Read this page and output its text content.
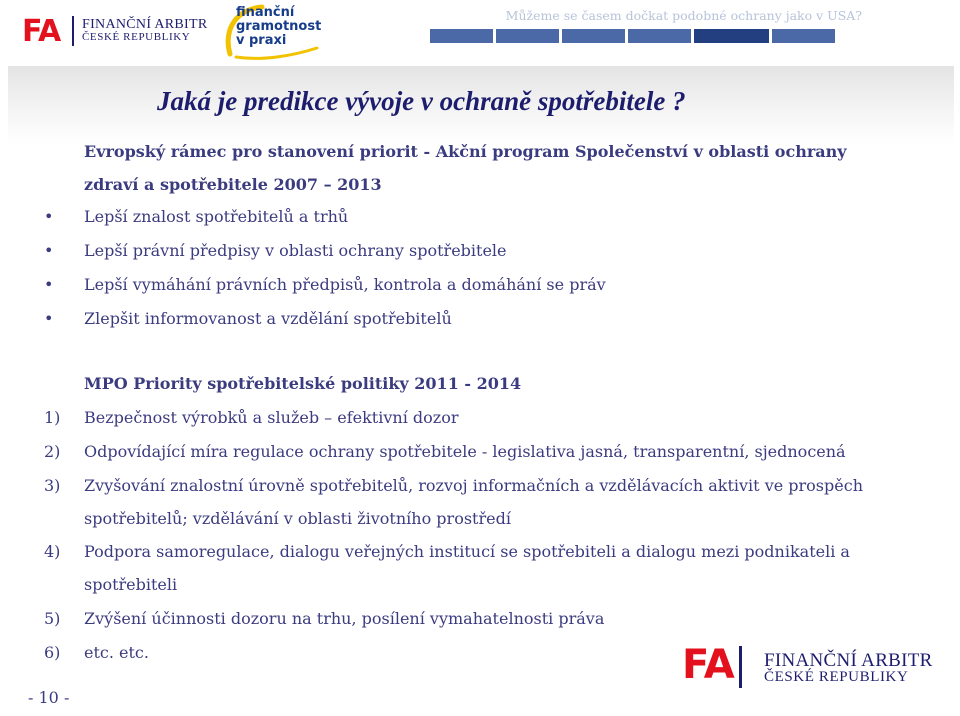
FA FINANČNÍ ARBITR
ČESKÉ REPUBLIKY
finanční
gramotnost
v praxi
Můžeme se časem dočkat podobné ochrany jako v USA?
Jaká je predikce vývoje v ochraně spotřebitele ?
Evropský rámec pro stanovení priorit - Akční program Společenství v oblasti ochrany
zdraví a spotřebitele 2007 – 2013
• Lepší znalost spotřebitelů a trhů
• Lepší právní předpisy v oblasti ochrany spotřebitele
• Lepší vymáhání právních předpisů, kontrola a domáhání se práv
• Zlepšit informovanost a vzdělání spotřebitelů
MPO Priority spotřebitelské politiky 2011 - 2014
1) Bezpečnost výrobků a služeb – efektivní dozor
2) Odpovídající míra regulace ochrany spotřebitele - legislativa jasná, transparentní, sjednocená
3) Zvyšování znalostní úrovně spotřebitelů, rozvoj informačních a vzdělávacích aktivit ve prospěch
spotřebitelů; vzdělávání v oblasti životního prostředí
4) Podpora samoregulace, dialogu veřejných institucí se spotřebiteli a dialogu mezi podnikateli a
spotřebiteli
5) Zvýšení účinnosti dozoru na trhu, posílení vymahatelnosti práva
6) etc. etc.	FA FINANČNÍ ARBITR
ČESKÉ REPUBLIKY
- 10 -
